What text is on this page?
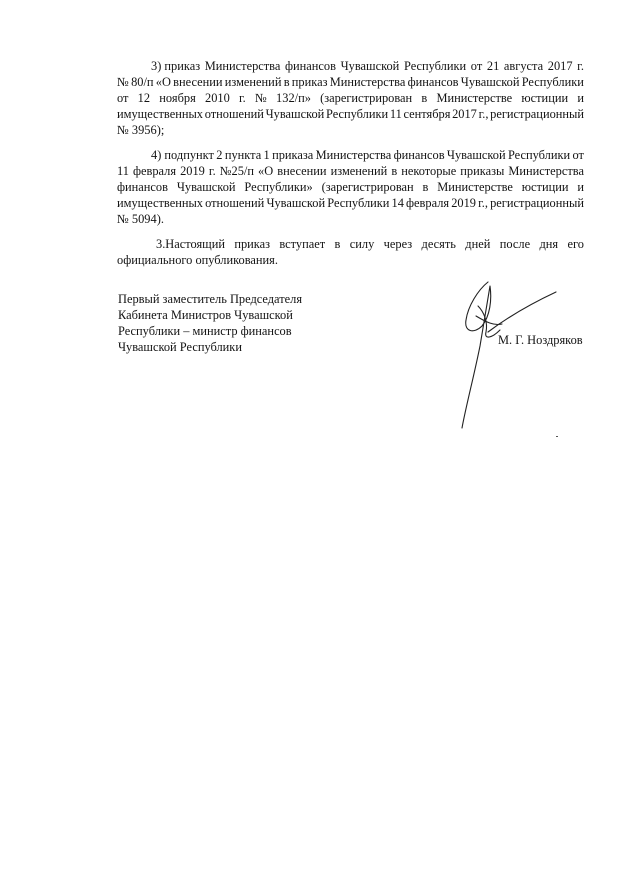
3) приказ Министерства финансов Чувашской Республики от 21 августа 2017 г.
№ 80/п «О внесении изменений в приказ Министерства финансов Чувашской Республики
от 12 ноября 2010 г. № 132/п» (зарегистрирован в Министерстве юстиции и
имущественных отношений Чувашской Республики 11 сентября 2017 г., регистрационный
№ 3956);
4) подпункт 2 пункта 1 приказа Министерства финансов Чувашской Республики от
11 февраля 2019 г. №25/п «О внесении изменений в некоторые приказы Министерства
финансов Чувашской Республики» (зарегистрирован в Министерстве юстиции и
имущественных отношений Чувашской Республики 14 февраля 2019 г., регистрационный
№ 5094).
3.Настоящий приказ вступает в силу через десять дней после дня его
официального опубликования.
Первый заместитель Председателя
Кабинета Министров Чувашской
Республики – министр финансов
Чувашской Республики	М. Г. Ноздряков
